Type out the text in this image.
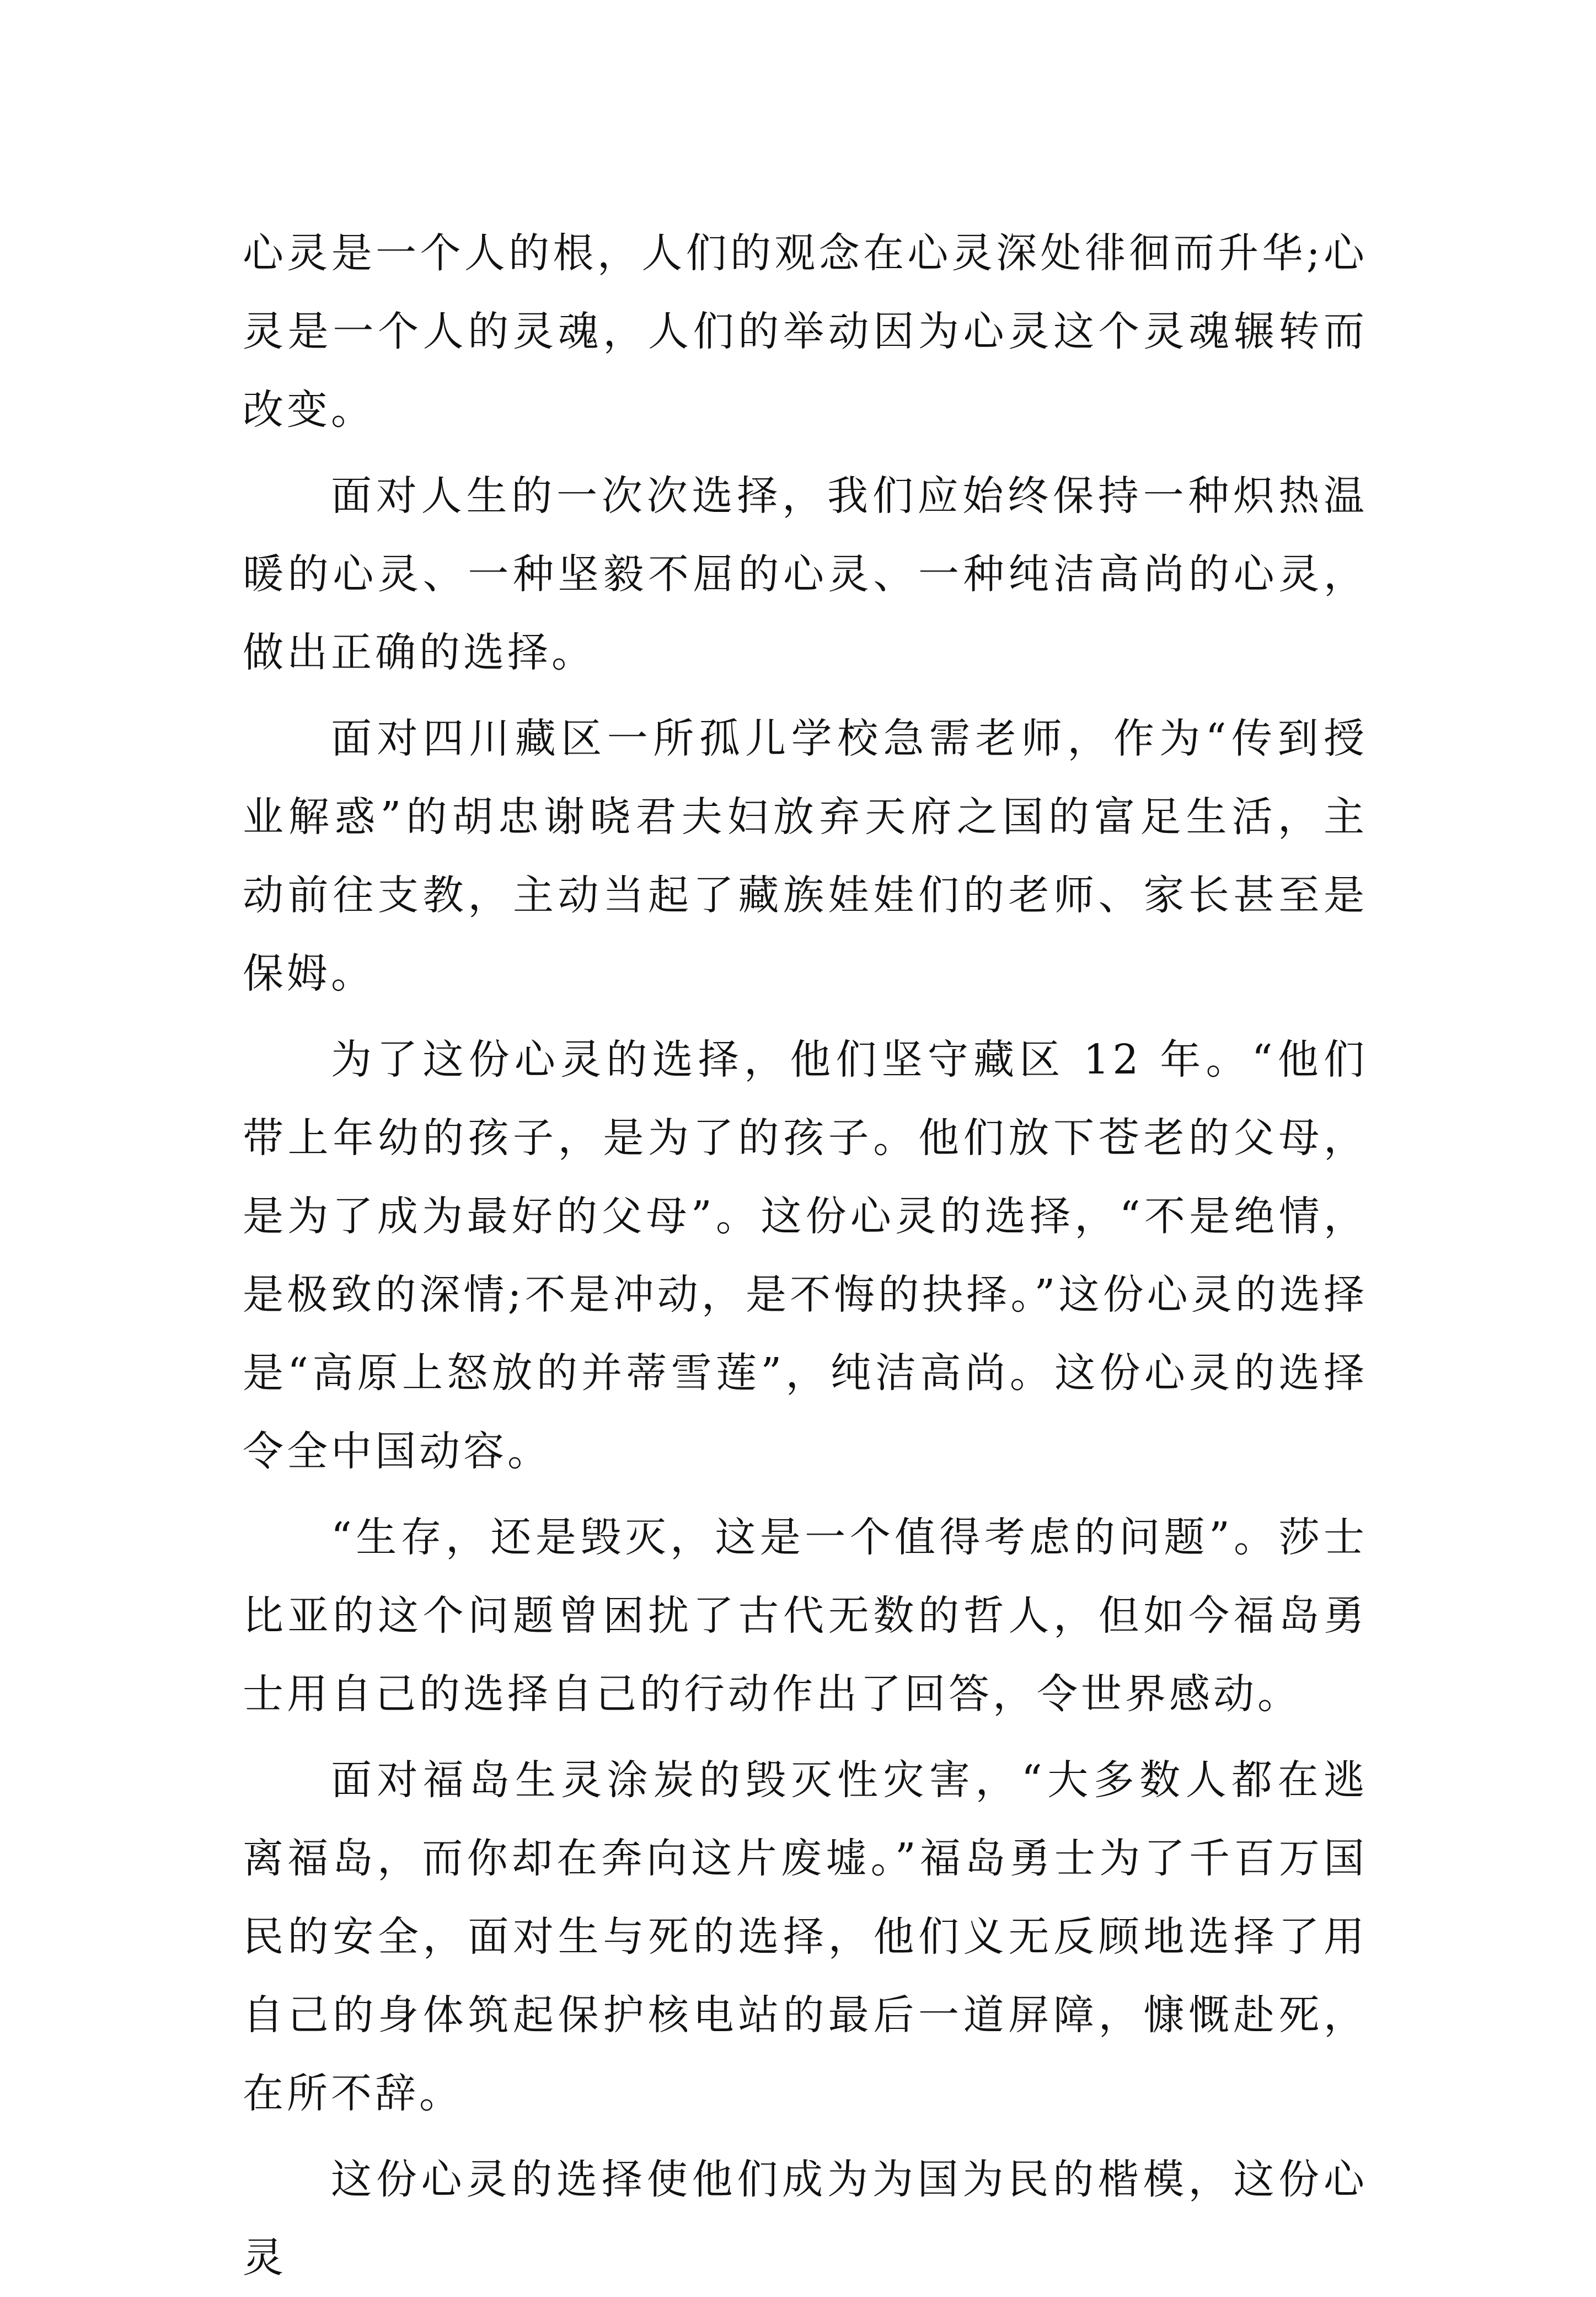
心灵是一个人的根，人们的观念在心灵深处徘徊而升华;心灵是一个人的灵魂，人们的举动因为心灵这个灵魂辗转而改变。

面对人生的一次次选择，我们应始终保持一种炽热温暖的心灵、一种坚毅不屈的心灵、一种纯洁高尚的心灵，做出正确的选择。

面对四川藏区一所孤儿学校急需老师，作为“传到授业解惑”的胡忠谢晓君夫妇放弃天府之国的富足生活，主动前往支教，主动当起了藏族娃娃们的老师、家长甚至是保姆。

为了这份心灵的选择，他们坚守藏区 12 年。“他们带上年幼的孩子，是为了的孩子。他们放下苍老的父母，是为了成为最好的父母”。这份心灵的选择，“不是绝情，是极致的深情;不是冲动，是不悔的抉择。”这份心灵的选择是“高原上怒放的并蒂雪莲”，纯洁高尚。这份心灵的选择令全中国动容。

“生存，还是毁灭，这是一个值得考虑的问题”。莎士比亚的这个问题曾困扰了古代无数的哲人，但如今福岛勇士用自己的选择自己的行动作出了回答，令世界感动。

面对福岛生灵涂炭的毁灭性灾害，“大多数人都在逃离福岛，而你却在奔向这片废墟。”福岛勇士为了千百万国民的安全，面对生与死的选择，他们义无反顾地选择了用自己的身体筑起保护核电站的最后一道屏障，慷慨赴死，在所不辞。

这份心灵的选择使他们成为为国为民的楷模，这份心灵
